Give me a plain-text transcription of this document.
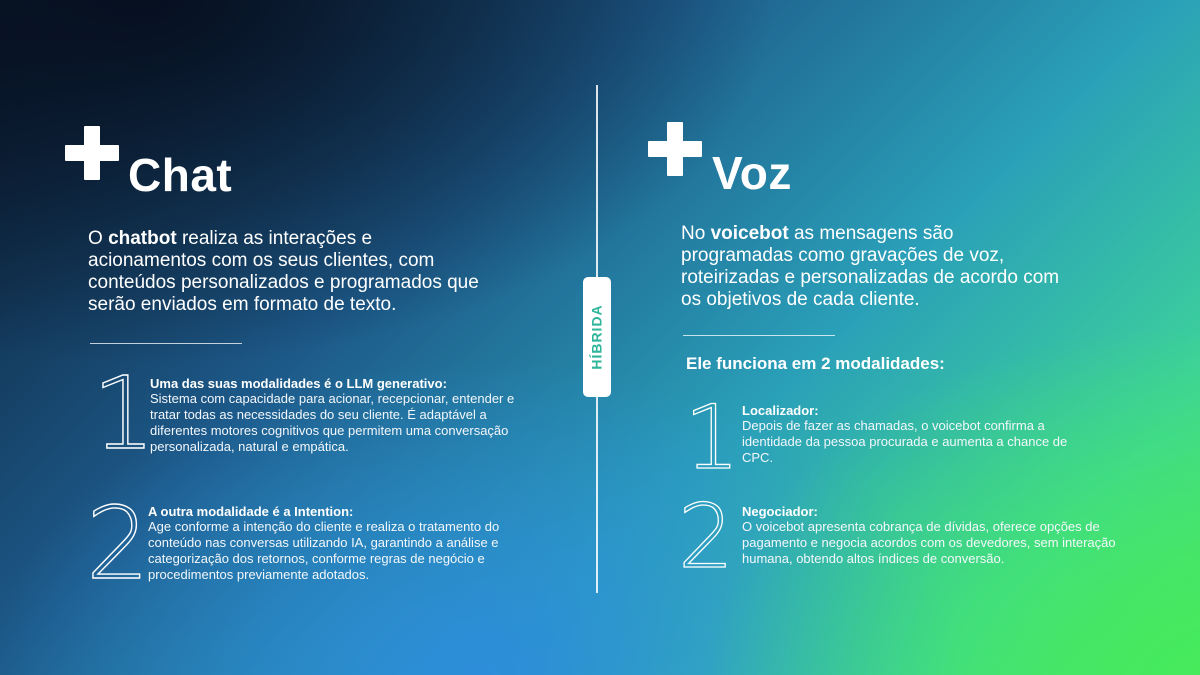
Chat
O chatbot realiza as interações e acionamentos com os seus clientes, com conteúdos personalizados e programados que serão enviados em formato de texto.
1
Uma das suas modalidades é o LLM generativo:
Sistema com capacidade para acionar, recepcionar, entender e tratar todas as necessidades do seu cliente. É adaptável a diferentes motores cognitivos que permitem uma conversação personalizada, natural e empática.
2
A outra modalidade é a Intention:
Age conforme a intenção do cliente e realiza o tratamento do conteúdo nas conversas utilizando IA, garantindo a análise e categorização dos retornos, conforme regras de negócio e procedimentos previamente adotados.
HÍBRIDA
Voz
No voicebot as mensagens são programadas como gravações de voz, roteirizadas e personalizadas de acordo com os objetivos de cada cliente.
Ele funciona em 2 modalidades:
1 Localizador:
Depois de fazer as chamadas, o voicebot confirma a identidade da pessoa procurada e aumenta a chance de CPC.
2 Negociador:
O voicebot apresenta cobrança de dívidas, oferece opções de pagamento e negocia acordos com os devedores, sem interação humana, obtendo altos índices de conversão.
